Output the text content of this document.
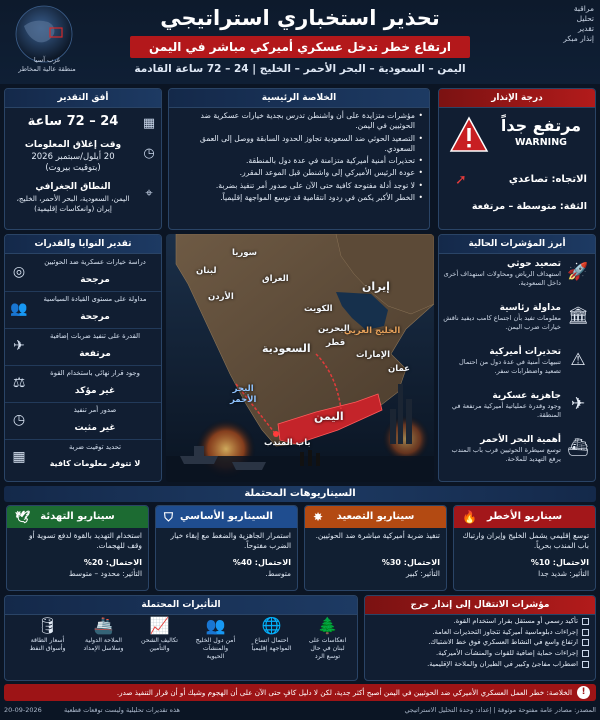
غرب آسيا
منطقة عالية المخاطر
تحذير استخباري استراتيجي
ارتفاع خطر تدخل عسكري أميركي مباشر في اليمن
اليمن – السعودية – البحر الأحمر – الخليج | 24 – 72 ساعة القادمة
مراقبة
تحليل
تقدير
إنذار مبكر
درجة الإنذار
مرتفع جداً
WARNING
الاتجاه: تصاعدي
➚
الثقة: متوسطة – مرتفعة
الخلاصة الرئيسية
• مؤشرات متزايدة على أن واشنطن تدرس بجدية خيارات عسكرية ضد الحوثيين في اليمن.
• التصعيد الحوثي ضد السعودية تجاوز الحدود السابقة ووصل إلى العمق السعودي.
• تحذيرات أمنية أميركية متزامنة في عدة دول بالمنطقة.
• عودة الرئيس الأميركي إلى واشنطن قبل الموعد المقرر.
• لا توجد أدلة مفتوحة كافية حتى الآن على صدور أمر تنفيذ بضربة.
• الخطر الأكبر يكمن في ردود انتقامية قد توسع المواجهة إقليمياً.
أفق التقدير
▦
24 – 72 ساعة
◷
وقت إغلاق المعلومات
20 أيلول/سبتمبر 2026
(بتوقيت بيروت)
⌖
النطاق الجغرافي
اليمن، السعودية، البحر الأحمر، الخليج، إيران (وانعكاسات إقليمية)
أبرز المؤشرات الحالية
🚀
تصعيد حوثي
استهداف الرياض ومحاولات استهداف أخرى داخل السعودية.
🏛
مداولة رئاسية
معلومات تفيد بأن اجتماع كامب ديفيد ناقش خيارات ضرب اليمن.
⚠
تحذيرات أميركية
تنبيهات أمنية في عدة دول من احتمال تصعيد واضطرابات سفر.
✈
جاهزية عسكرية
وجود وقدرة عملياتية أميركية مرتفعة في المنطقة.
⛴
أهمية البحر الأحمر
توسع سيطرة الحوثيين قرب باب المندب يرفع التهديد للملاحة.
تقدير النوايا والقدرات
◎
دراسة خيارات عسكرية ضد الحوثيين
مرجحة
👥
مداولة على مستوى القيادة السياسية
مرجحة
✈
القدرة على تنفيذ ضربات إضافية
مرتفعة
⚖
وجود قرار نهائي باستخدام القوة
غير مؤكد
◷
صدور أمر تنفيذ
غير مثبت
▦
تحديد توقيت ضربة
لا تتوفر معلومات كافية
سوريا
لبنان
العراق
الأردن
إيران
الكويت
البحرين
الخليج العربي
قطر
السعودية	الإمارات
عمان
البحر
الأحمر
اليمن
باب المندب
السيناريوهات المحتملة
سيناريو الأخطر
🔥
توسع إقليمي يشمل الخليج وإيران وارتباك باب المندب بحرياً.
الاحتمال: 10%
التأثير: شديد جدا
سيناريو التصعيد
✸
تنفيذ ضربة أميركية مباشرة ضد الحوثيين.
الاحتمال: 30%
التأثير: كبير
السيناريو الأساسي
⛉
استمرار الجاهزية والضغط مع إبقاء خيار الضرب مفتوحاً.
الاحتمال: 40%
متوسط.
سيناريو التهدئة
🕊
استخدام التهديد بالقوة لدفع تسوية أو وقف للهجمات.
الاحتمال: 20%
التأثير: محدود – متوسط
مؤشرات الانتقال إلى إنذار حرج
تأكيد رسمي أو مستقل بقرار استخدام القوة.
إجراءات دبلوماسية أميركية تتجاوز التحذيرات العامة.
ارتفاع واسع في النشاط العسكري فوق خط الاشتباك.
إجراءات حماية إضافية للقوات والمنشآت الأميركية.
اضطراب مفاجئ وكبير في الطيران والملاحة الإقليمية.
التأثيرات المحتملة
🌲
انعكاسات على لبنان في حال توسع الرد
🌐
احتمال اتساع المواجهة إقليمياً
👥
أمن دول الخليج والمنشآت الحيوية
📈
تكاليف الشحن والتأمين
🚢
الملاحة الدولية وسلاسل الإمداد
🛢
أسعار الطاقة وأسواق النفط
!
الخلاصة: خطر العمل العسكري الأميركي ضد الحوثيين في اليمن أصبح أكثر جدية، لكن لا دليل كافٍ حتى الآن على أن الهجوم وشيك أو أن قرار التنفيذ صدر.
المصدر: مصادر عامة مفتوحة موثوقة | إعداد: وحدة التحليل الاستراتيجي
هذه تقديرات تحليلية وليست توقعات قطعية
20-09-2026
